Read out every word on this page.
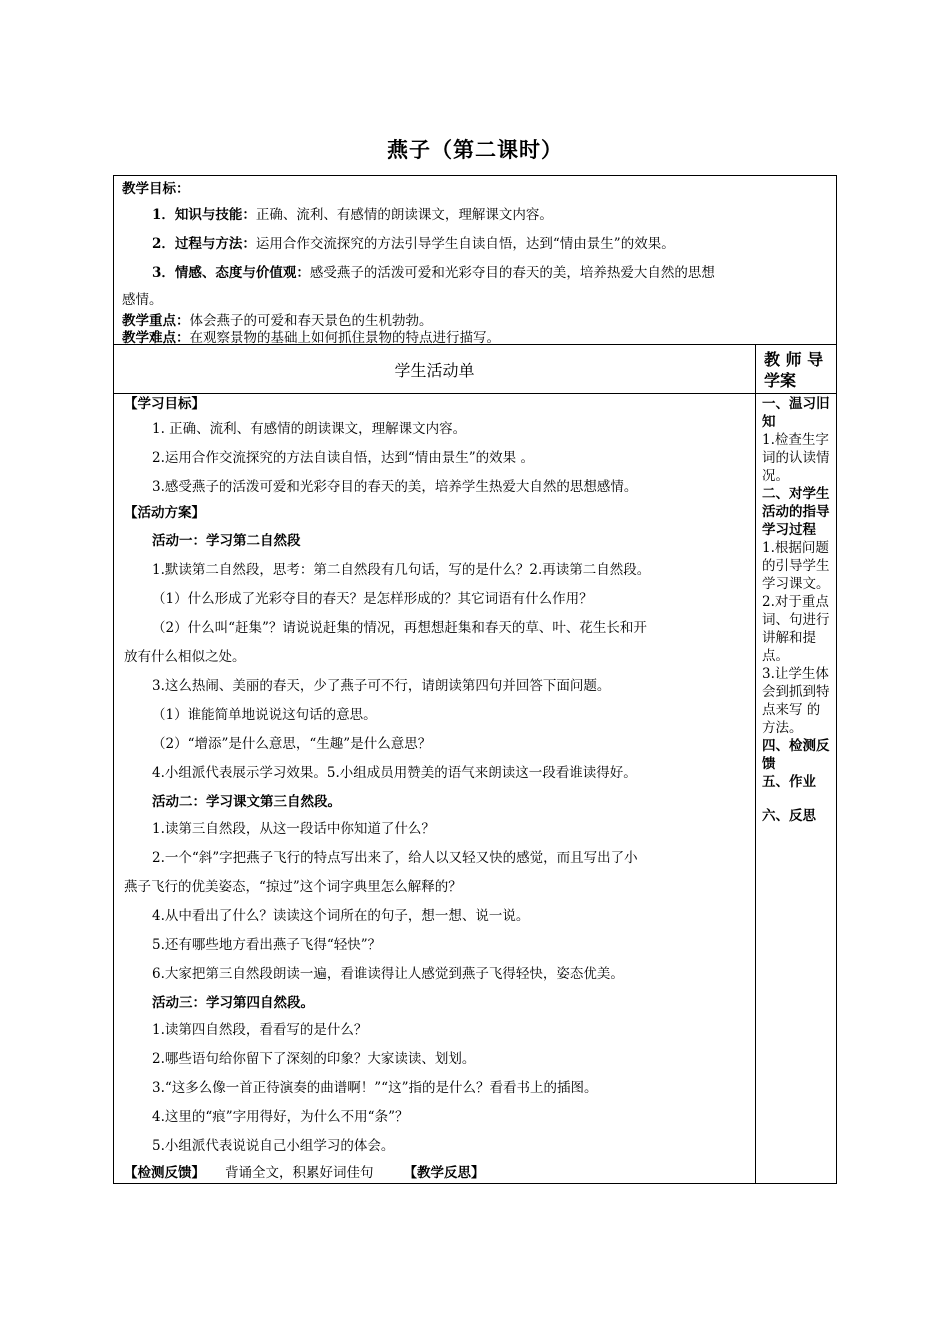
燕子（第二课时）
教学目标：
1．知识与技能：正确、流利、有感情的朗读课文，理解课文内容。
2．过程与方法：运用合作交流探究的方法引导学生自读自悟，达到“情由景生”的效果。
3．情感、态度与价值观：感受燕子的活泼可爱和光彩夺目的春天的美，培养热爱大自然的思想
感情。
教学重点：体会燕子的可爱和春天景色的生机勃勃。
教学难点：在观察景物的基础上如何抓住景物的特点进行描写。
学生活动单
【学习目标】
1. 正确、流利、有感情的朗读课文，理解课文内容。
2.运用合作交流探究的方法自读自悟，达到“情由景生”的效果 。
3.感受燕子的活泼可爱和光彩夺目的春天的美，培养学生热爱大自然的思想感情。
【活动方案】
活动一：学习第二自然段
1.默读第二自然段，思考：第二自然段有几句话，写的是什么？2.再读第二自然段。
（1）什么形成了光彩夺目的春天？是怎样形成的？其它词语有什么作用？
（2）什么叫“赶集”？请说说赶集的情况，再想想赶集和春天的草、叶、花生长和开
放有什么相似之处。
3.这么热闹、美丽的春天，少了燕子可不行，请朗读第四句并回答下面问题。
（1）谁能简单地说说这句话的意思。
（2）“增添”是什么意思，“生趣”是什么意思？
4.小组派代表展示学习效果。5.小组成员用赞美的语气来朗读这一段看谁读得好。
活动二：学习课文第三自然段。
1.读第三自然段，从这一段话中你知道了什么？
2.一个“斜”字把燕子飞行的特点写出来了，给人以又轻又快的感觉，而且写出了小
燕子飞行的优美姿态，“掠过”这个词字典里怎么解释的？
4.从中看出了什么？读读这个词所在的句子，想一想、说一说。
5.还有哪些地方看出燕子飞得“轻快”？
6.大家把第三自然段朗读一遍，看谁读得让人感觉到燕子飞得轻快，姿态优美。
活动三：学习第四自然段。
1.读第四自然段，看看写的是什么？
2.哪些语句给你留下了深刻的印象？大家读读、划划。
3.“这多么像一首正待演奏的曲谱啊！”“这”指的是什么？看看书上的插图。
4.这里的“痕”字用得好，为什么不用“条”？
5.小组派代表说说自己小组学习的体会。
【检测反馈】 背诵全文，积累好词佳句 【教学反思】
教 师 导
学案
一、温习旧知
1.检查生字词的认读情况。
二、对学生活动的指导学习过程
1.根据问题的引导学生学习课文。
2.对于重点词、句进行讲解和提点。
3.让学生体会到抓到特点来写 的 方法。
四、检测反馈
五、作业
六、反思
